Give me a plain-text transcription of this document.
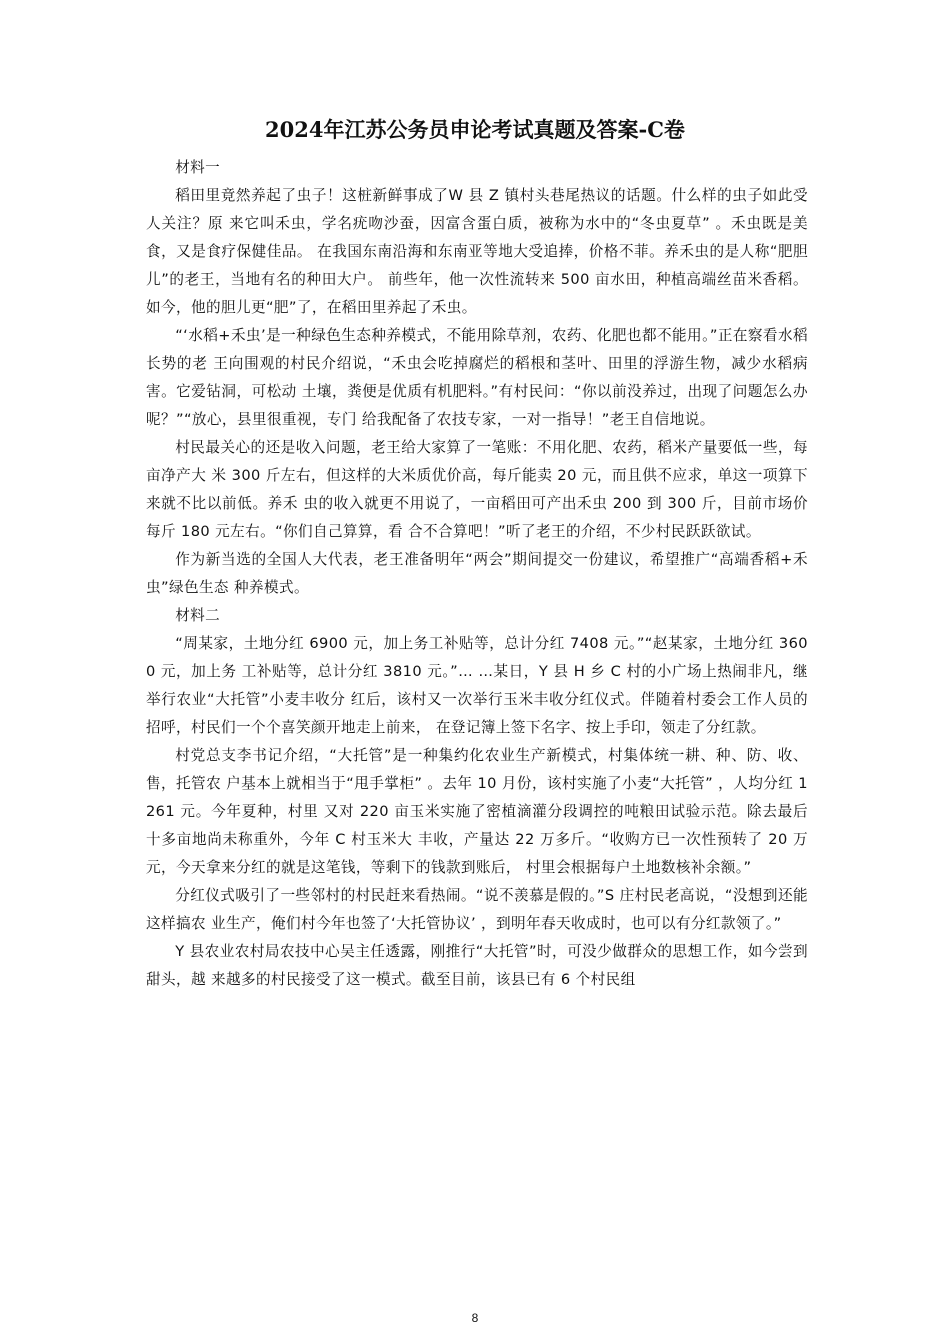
2024年江苏公务员申论考试真题及答案-C卷

材料一

稻田里竟然养起了虫子！这桩新鲜事成了W 县 Z 镇村头巷尾热议的话题。什么样的虫子如此受人关注？原 来它叫禾虫，学名疣吻沙蚕，因富含蛋白质，被称为水中的“冬虫夏草” 。禾虫既是美食，又是食疗保健佳品。 在我国东南沿海和东南亚等地大受追捧，价格不菲。养禾虫的是人称“肥胆儿”的老王，当地有名的种田大户。 前些年，他一次性流转来 500 亩水田，种植高端丝苗米香稻。如今，他的胆儿更“肥”了，在稻田里养起了禾虫。

“‘水稻+禾虫’是一种绿色生态种养模式，不能用除草剂，农药、化肥也都不能用。”正在察看水稻长势的老 王向围观的村民介绍说，“禾虫会吃掉腐烂的稻根和茎叶、田里的浮游生物，减少水稻病害。它爱钻洞，可松动 土壤，粪便是优质有机肥料。”有村民问：“你以前没养过，出现了问题怎么办呢？”“放心，县里很重视，专门 给我配备了农技专家，一对一指导！”老王自信地说。

村民最关心的还是收入问题，老王给大家算了一笔账：不用化肥、农药，稻米产量要低一些，每亩净产大 米 300 斤左右，但这样的大米质优价高，每斤能卖 20 元，而且供不应求，单这一项算下来就不比以前低。养禾 虫的收入就更不用说了，一亩稻田可产出禾虫 200 到 300 斤，目前市场价每斤 180 元左右。“你们自己算算，看 合不合算吧！”听了老王的介绍，不少村民跃跃欲试。

作为新当选的全国人大代表，老王准备明年“两会”期间提交一份建议，希望推广“高端香稻+禾虫”绿色生态 种养模式。

材料二

“周某家，土地分红 6900 元，加上务工补贴等，总计分红 7408 元。”“赵某家，土地分红 3600 元，加上务 工补贴等，总计分红 3810 元。”… …某日，Y 县 H 乡 C 村的小广场上热闹非凡，继举行农业“大托管”小麦丰收分 红后，该村又一次举行玉米丰收分红仪式。伴随着村委会工作人员的招呼，村民们一个个喜笑颜开地走上前来， 在登记簿上签下名字、按上手印，领走了分红款。

村党总支李书记介绍，“大托管”是一种集约化农业生产新模式，村集体统一耕、种、防、收、售，托管农 户基本上就相当于“甩手掌柜” 。去年 10 月份，该村实施了小麦“大托管” ，人均分红 1261 元。今年夏种，村里 又对 220 亩玉米实施了密植滴灌分段调控的吨粮田试验示范。除去最后十多亩地尚未称重外，今年 C 村玉米大 丰收，产量达 22 万多斤。“收购方已一次性预转了 20 万元，今天拿来分红的就是这笔钱，等剩下的钱款到账后， 村里会根据每户土地数核补余额。”

分红仪式吸引了一些邻村的村民赶来看热闹。“说不羡慕是假的。”S 庄村民老高说，“没想到还能这样搞农 业生产，俺们村今年也签了‘大托管协议’ ，到明年春天收成时，也可以有分红款领了。”

Y 县农业农村局农技中心吴主任透露，刚推行“大托管”时，可没少做群众的思想工作，如今尝到甜头，越 来越多的村民接受了这一模式。截至目前，该县已有 6 个村民组

8
